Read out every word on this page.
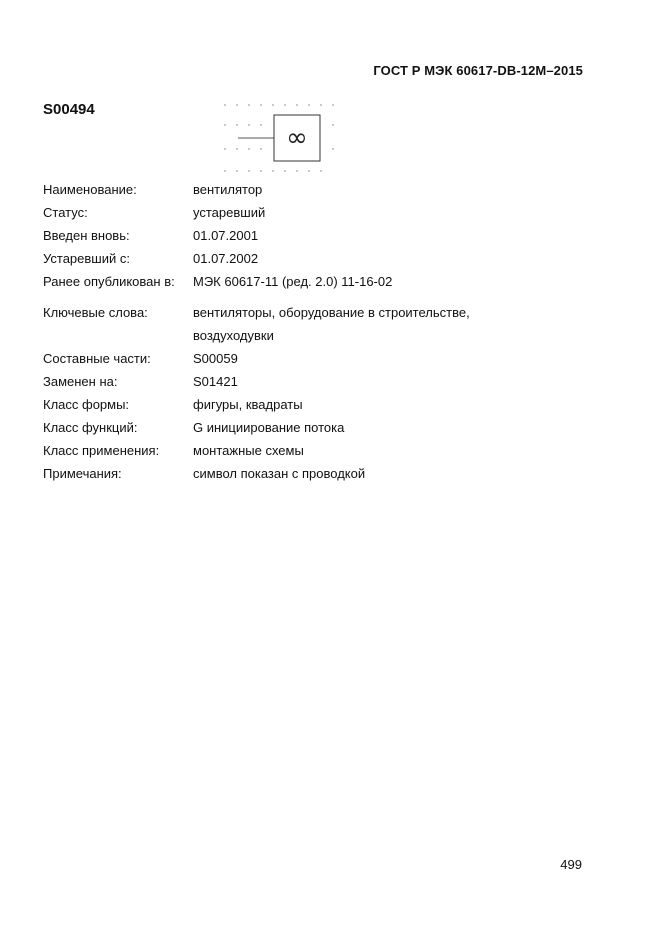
ГОСТ Р МЭК 60617-DB-12M–2015
S00494
∞
Наименование:	вентилятор
Статус:	устаревший
Введен вновь:	01.07.2001
Устаревший с:	01.07.2002
Ранее опубликован в:	МЭК 60617-11 (ред. 2.0) 11-16-02
Ключевые слова:	вентиляторы, оборудование в строительстве,
воздуходувки
Составные части:	S00059
Заменен на:	S01421
Класс формы:	фигуры, квадраты
Класс функций:	G инициирование потока
Класс применения:	монтажные схемы
Примечания:	символ показан с проводкой
499
